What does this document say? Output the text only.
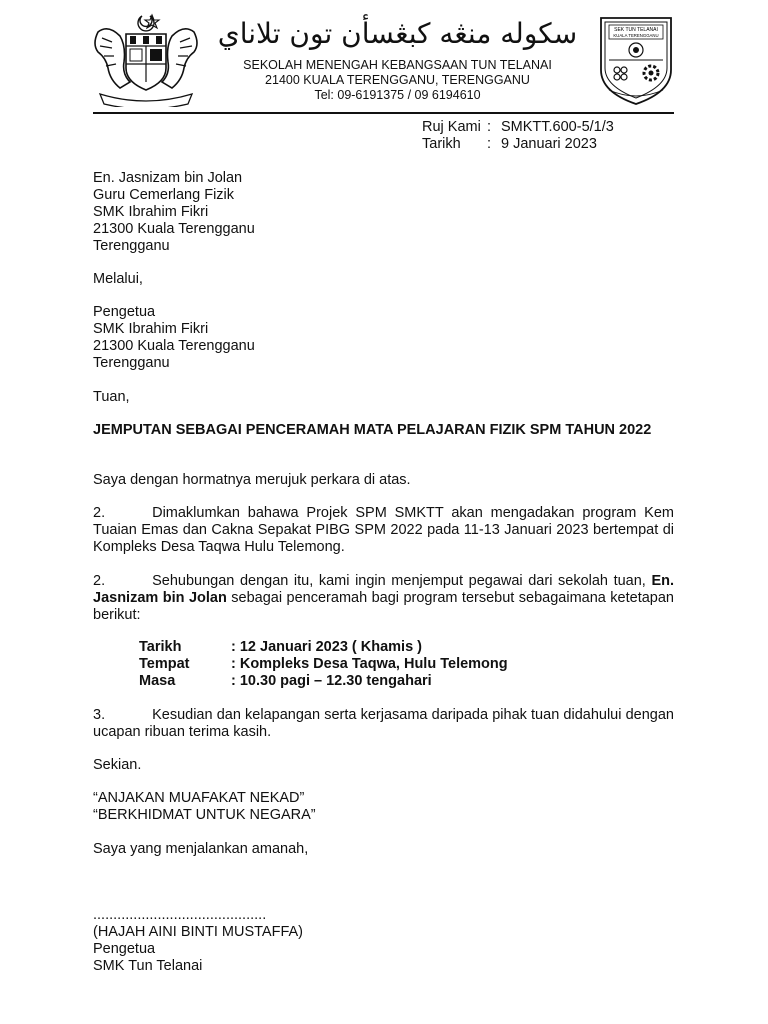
سكوله منڠه كبڠسأن تون تلاناي
SEKOLAH MENENGAH KEBANGSAAN TUN TELANAI
21400 KUALA TERENGGANU, TERENGGANU
Tel: 09-6191375 / 09 6194610
SEK TUN TELANAI
KUALA TERENGGANU
Ruj Kami : SMKTT.600-5/1/3
Tarikh	: 9 Januari 2023
En. Jasnizam bin Jolan
Guru Cemerlang Fizik
SMK Ibrahim Fikri
21300 Kuala Terengganu
Terengganu
Melalui,
Pengetua
SMK Ibrahim Fikri
21300 Kuala Terengganu
Terengganu
Tuan,
JEMPUTAN SEBAGAI PENCERAMAH MATA PELAJARAN FIZIK SPM TAHUN 2022
Saya dengan hormatnya merujuk perkara di atas.
2.	Dimaklumkan bahawa Projek SPM SMKTT akan mengadakan program Kem Tuaian Emas dan Cakna Sepakat PIBG SPM 2022 pada 11-13 Januari 2023 bertempat di Kompleks Desa Taqwa Hulu Telemong.
2.	Sehubungan dengan itu, kami ingin menjemput pegawai dari sekolah tuan, En. Jasnizam bin Jolan sebagai penceramah bagi program tersebut sebagaimana ketetapan berikut:
Tarikh	: 12 Januari 2023 ( Khamis )
Tempat	: Kompleks Desa Taqwa, Hulu Telemong
Masa	: 10.30 pagi – 12.30 tengahari
3.	Kesudian dan kelapangan serta kerjasama daripada pihak tuan didahului dengan ucapan ribuan terima kasih.
Sekian.
“ANJAKAN MUAFAKAT NEKAD”
“BERKHIDMAT UNTUK NEGARA”
Saya yang menjalankan amanah,
...........................................
(HAJAH AINI BINTI MUSTAFFA)
Pengetua
SMK Tun Telanai
